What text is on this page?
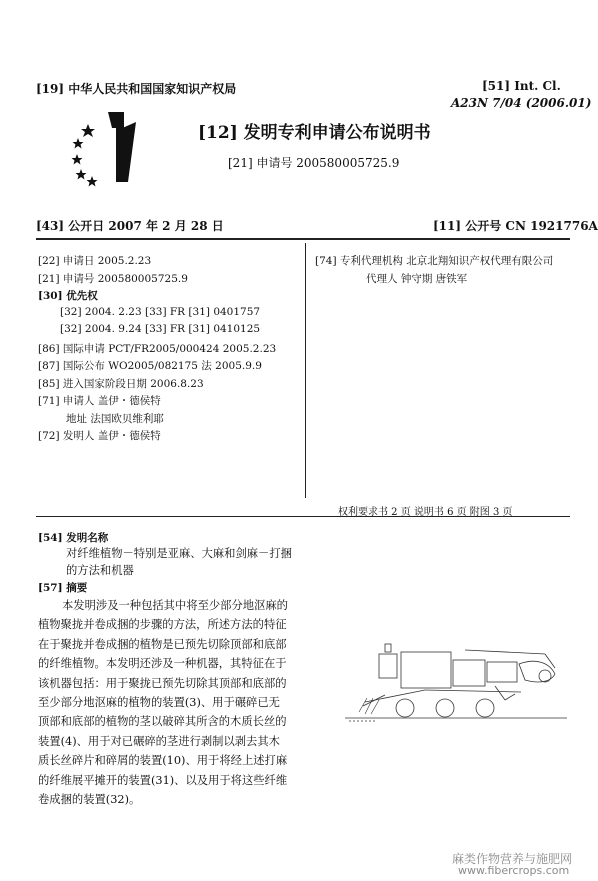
[19] 中华人民共和国国家知识产权局	[51] Int. Cl.
A23N 7/04 (2006.01)
[12] 发明专利申请公布说明书
[21] 申请号 200580005725.9
[43] 公开日 2007 年 2 月 28 日	[11] 公开号 CN 1921776A
[22] 申请日 2005.2.23
[21] 申请号 200580005725.9
[30] 优先权
[32] 2004. 2.23 [33] FR [31] 0401757
[32] 2004. 9.24 [33] FR [31] 0410125
[86] 国际申请 PCT/FR2005/000424 2005.2.23
[87] 国际公布 WO2005/082175 法 2005.9.9
[85] 进入国家阶段日期 2006.8.23
[71] 申请人 盖伊・德侯特
地址 法国欧贝维利耶
[72] 发明人 盖伊・德侯特
[74] 专利代理机构 北京北翔知识产权代理有限公司
代理人 钟守期 唐铁军
权利要求书 2 页 说明书 6 页 附图 3 页
[54] 发明名称
对纤维植物－特别是亚麻、大麻和剑麻－打捆
的方法和机器
[57] 摘要
本发明涉及一种包括其中将至少部分地沤麻的
植物聚拢并卷成捆的步骤的方法，所述方法的特征
在于聚拢并卷成捆的植物是已预先切除顶部和底部
的纤维植物。本发明还涉及一种机器，其特征在于
该机器包括：用于聚拢已预先切除其顶部和底部的
至少部分地沤麻的植物的装置(3)、用于碾碎已无
顶部和底部的植物的茎以破碎其所含的木质长丝的
装置(4)、用于对已碾碎的茎进行剥制以剥去其木
质长丝碎片和碎屑的装置(10)、用于将经上述打麻
的纤维展平摊开的装置(31)、以及用于将这些纤维
卷成捆的装置(32)。
麻类作物营养与施肥网
www.fibercrops.com
